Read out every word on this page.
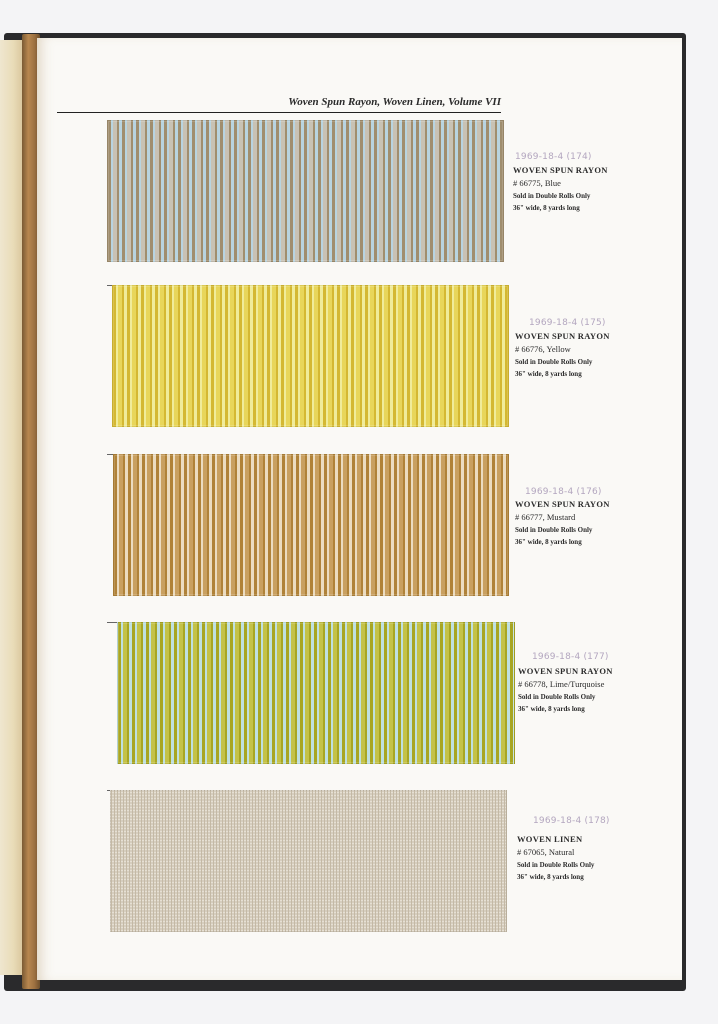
Woven Spun Rayon, Woven Linen, Volume VII
1969-18-4 (174)
WOVEN SPUN RAYON
# 66775, Blue
Sold in Double Rolls Only
36" wide, 8 yards long
1969-18-4 (175)
WOVEN SPUN RAYON
# 66776, Yellow
Sold in Double Rolls Only
36" wide, 8 yards long
1969-18-4 (176)
WOVEN SPUN RAYON
# 66777, Mustard
Sold in Double Rolls Only
36" wide, 8 yards long
1969-18-4 (177)
WOVEN SPUN RAYON
# 66778, Lime/Turquoise
Sold in Double Rolls Only
36" wide, 8 yards long
1969-18-4 (178)
WOVEN LINEN
# 67065, Natural
Sold in Double Rolls Only
36" wide, 8 yards long
